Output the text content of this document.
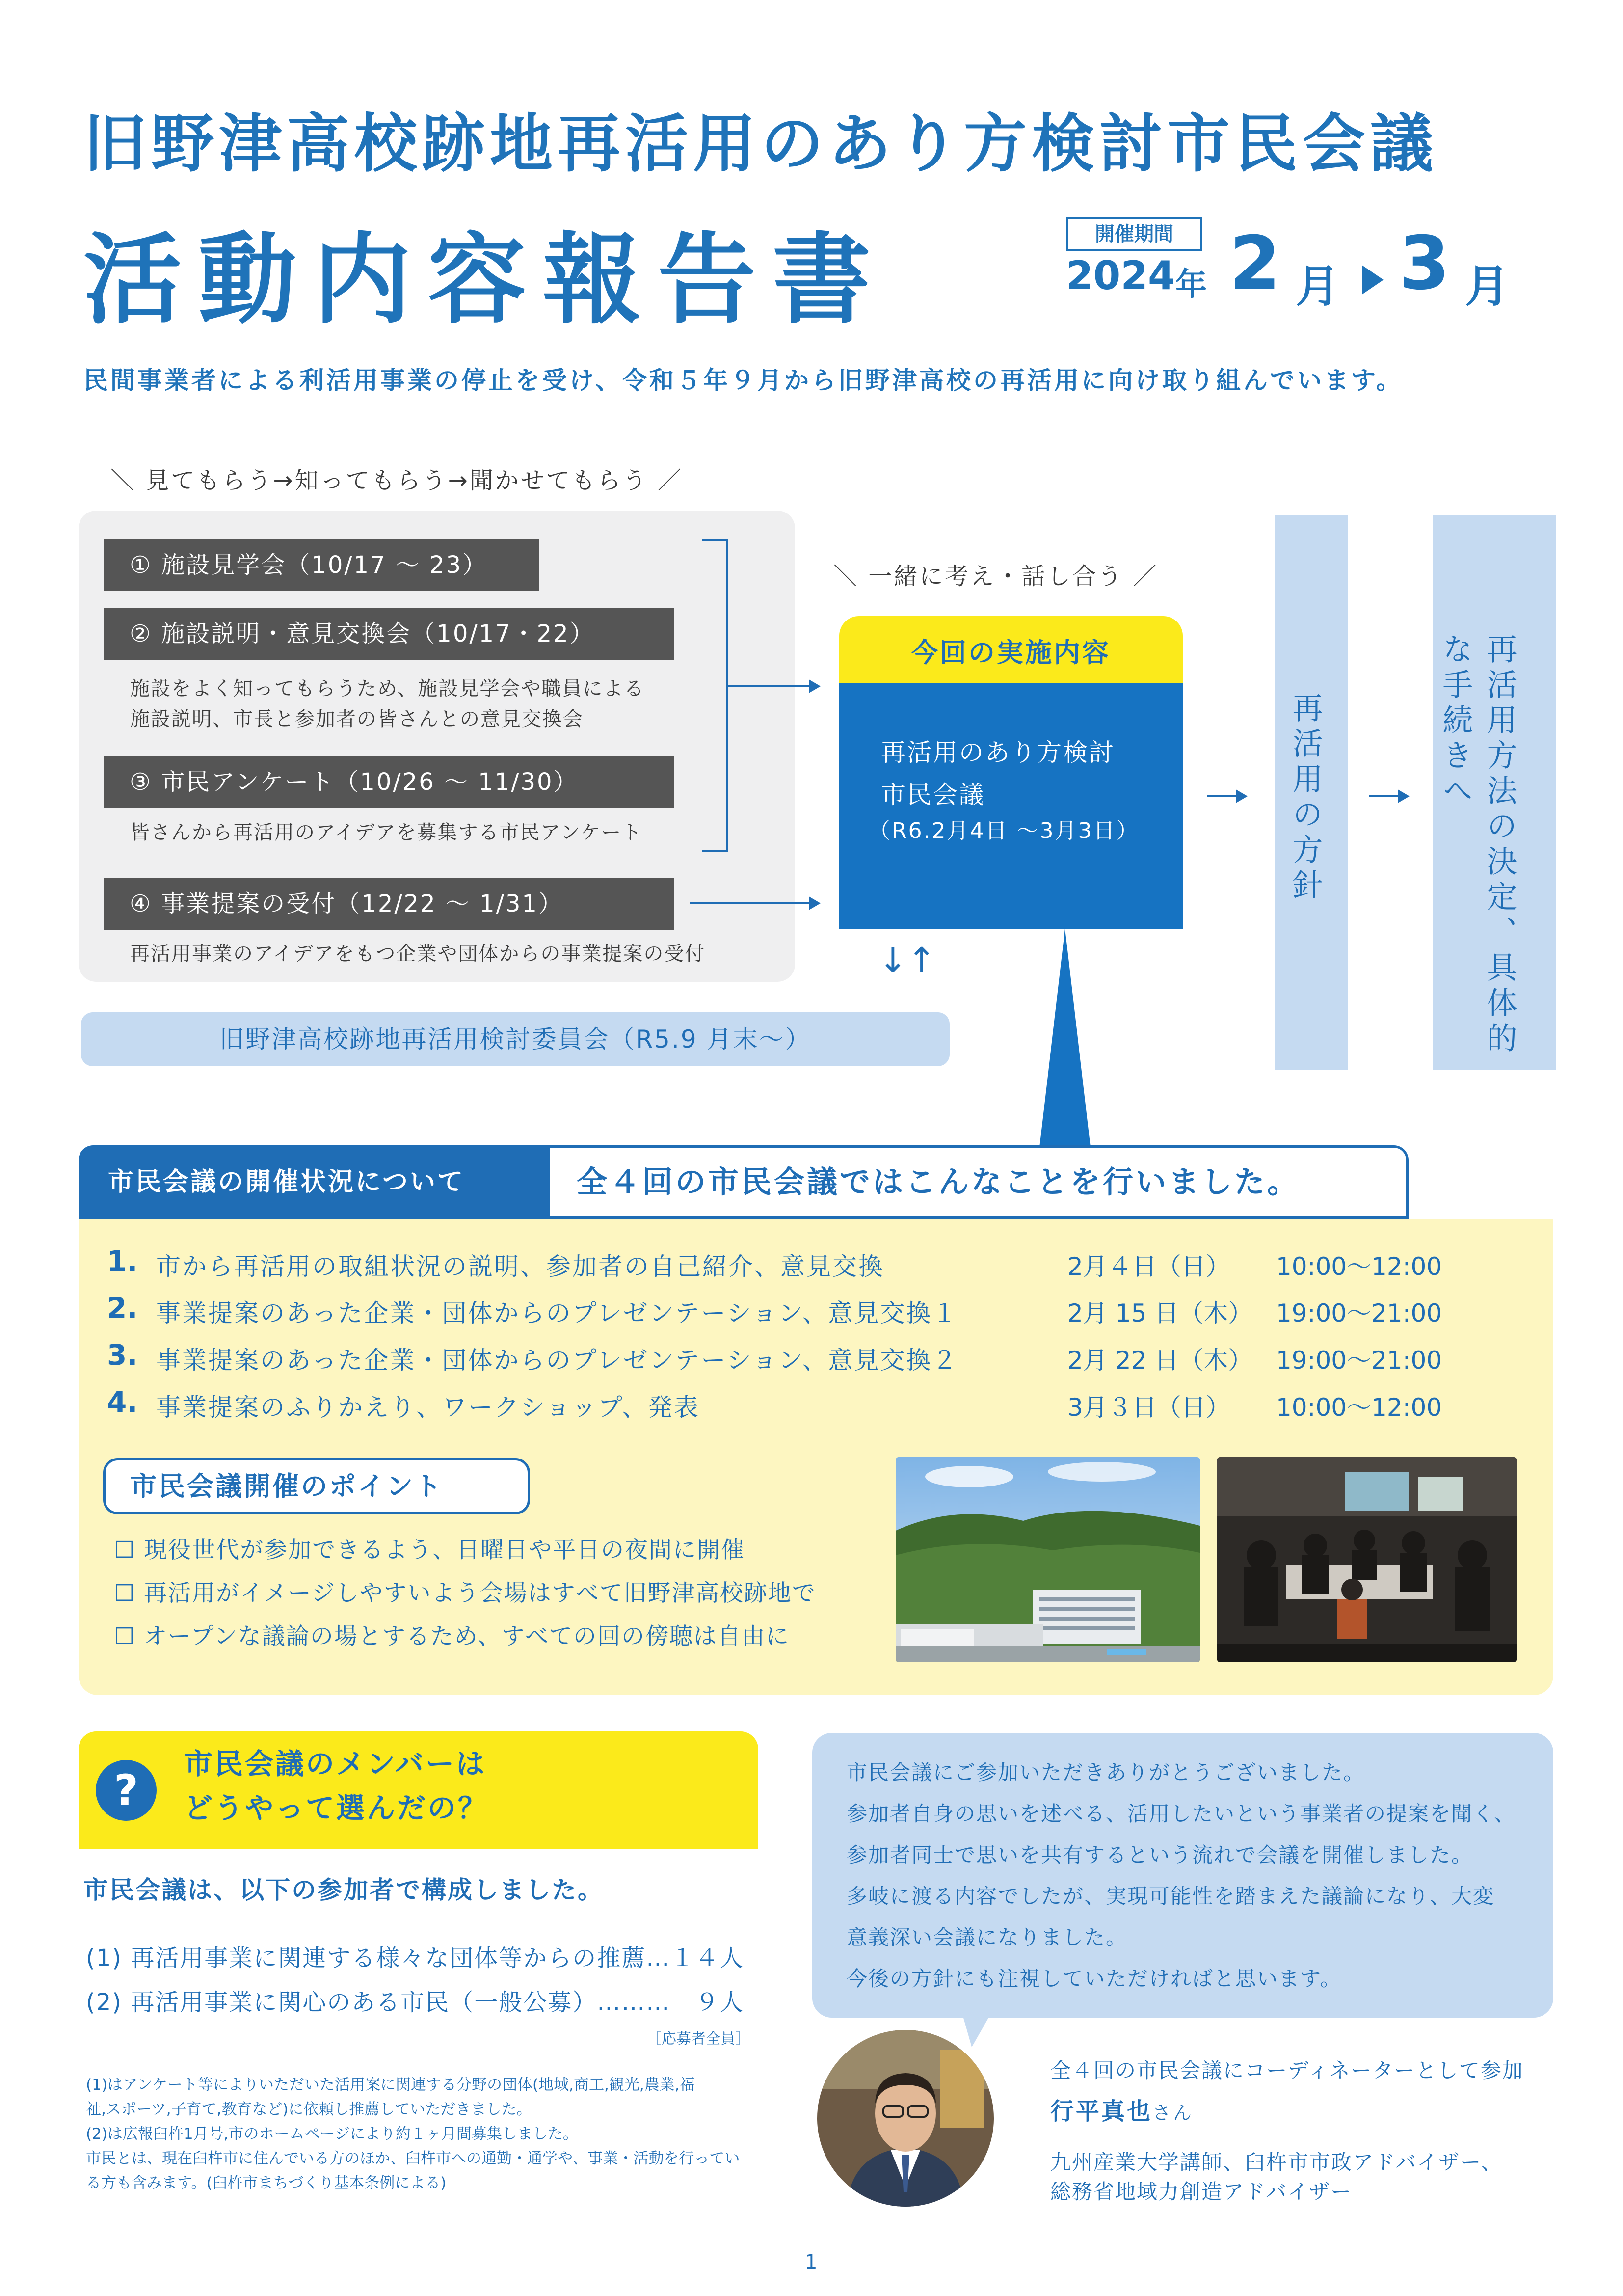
旧野津高校跡地再活用のあり方検討市民会議
活動内容報告書	開催期間
2024 年 2 月 3 月
民間事業者による利活用事業の停止を受け、令和５年９月から旧野津高校の再活用に向け取り組んでいます。
＼ 見てもらう→知ってもらう→聞かせてもらう ／
① 施設見学会（10/17 ～ 23）
② 施設説明・意見交換会（10/17・22）
施設をよく知ってもらうため、施設見学会や職員による
施設説明、市長と参加者の皆さんとの意見交換会
③ 市民アンケート（10/26 ～ 11/30）
皆さんから再活用のアイデアを募集する市民アンケート
④ 事業提案の受付（12/22 ～ 1/31）
再活用事業のアイデアをもつ企業や団体からの事業提案の受付
＼ 一緒に考え・話し合う ／
今回の実施内容
再活用のあり方検討
市民会議
（R6.2月4日 ～3月3日）	再活用の方針	再活用方法の決定、具体的な手続きへ
↓↑
旧野津高校跡地再活用検討委員会（R5.9 月末～）
市民会議の開催状況について	全４回の市民会議ではこんなことを行いました。
1. 市から再活用の取組状況の説明、参加者の自己紹介、意見交換	2月４日（日） 10:00～12:00
2. 事業提案のあった企業・団体からのプレゼンテーション、意見交換１	2月 15 日（木） 19:00～21:00
3. 事業提案のあった企業・団体からのプレゼンテーション、意見交換２	2月 22 日（木） 19:00～21:00
4. 事業提案のふりかえり、ワークショップ、発表	3月３日（日） 10:00～12:00
市民会議開催のポイント
☐ 現役世代が参加できるよう、日曜日や平日の夜間に開催
☐ 再活用がイメージしやすいよう会場はすべて旧野津高校跡地で
☐ オープンな議論の場とするため、すべての回の傍聴は自由に
?
市民会議のメンバーは
どうやって選んだの？
市民会議は、以下の参加者で構成しました。
(1) 再活用事業に関連する様々な団体等からの推薦…１４人
(2) 再活用事業に関心のある市民（一般公募）………　９人
［応募者全員］
(1)はアンケート等によりいただいた活用案に関連する分野の団体(地域,商工,観光,農業,福
祉,スポーツ,子育て,教育など)に依頼し推薦していただきました。
(2)は広報臼杵1月号,市のホームページにより約１ヶ月間募集しました。
市民とは、現在臼杵市に住んでいる方のほか、臼杵市への通勤・通学や、事業・活動を行ってい
る方も含みます。(臼杵市まちづくり基本条例による)
市民会議にご参加いただきありがとうございました。
参加者自身の思いを述べる、活用したいという事業者の提案を聞く、
参加者同士で思いを共有するという流れで会議を開催しました。
多岐に渡る内容でしたが、実現可能性を踏まえた議論になり、大変
意義深い会議になりました。
今後の方針にも注視していただければと思います。
全４回の市民会議にコーディネーターとして参加
行平真也さん
九州産業大学講師、臼杵市市政アドバイザー、
総務省地域力創造アドバイザー
1
